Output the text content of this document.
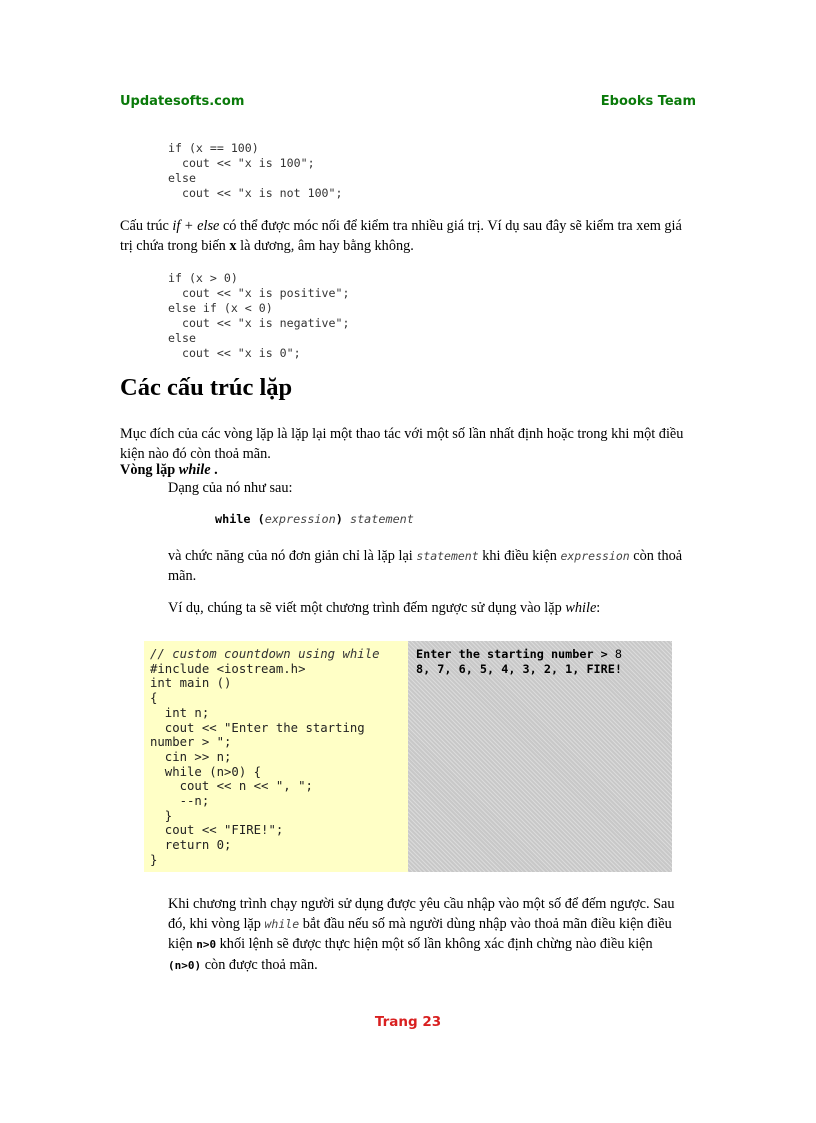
Updatesofts.com	Ebooks Team
if (x == 100)
cout << "x is 100";
else
cout << "x is not 100";

Cấu trúc if + else có thể được móc nối để kiểm tra nhiều giá trị. Ví dụ sau đây sẽ kiểm tra xem giá trị chứa trong biến x là dương, âm hay bằng không.

if (x > 0)
cout << "x is positive";
else if (x < 0)
cout << "x is negative";
else
cout << "x is 0";
Các cấu trúc lặp

Mục đích của các vòng lặp là lặp lại một thao tác với một số lần nhất định hoặc trong khi một điều kiện nào đó còn thoả mãn.

Vòng lặp while .

Dạng của nó như sau:

while (expression) statement

và chức năng của nó đơn giản chỉ là lặp lại statement khi điều kiện expression còn thoả mãn.

Ví dụ, chúng ta sẽ viết một chương trình đếm ngược sử dụng vào lặp while:

// custom countdown using while
#include <iostream.h>
int main ()
{
int n;
cout << "Enter the starting
number > ";
cin >> n;
while (n>0) {
cout << n << ", ";
--n;
}
cout << "FIRE!";
return 0;
}
Enter the starting number > 8
8, 7, 6, 5, 4, 3, 2, 1, FIRE!

Khi chương trình chạy người sử dụng được yêu cầu nhập vào một số để đếm ngược. Sau đó, khi vòng lặp while bắt đầu nếu số mà người dùng nhập vào thoả mãn điều kiện điều kiện n>0 khối lệnh sẽ được thực hiện một số lần không xác định chừng nào điều kiện (n>0) còn được thoả mãn.

Trang 23
